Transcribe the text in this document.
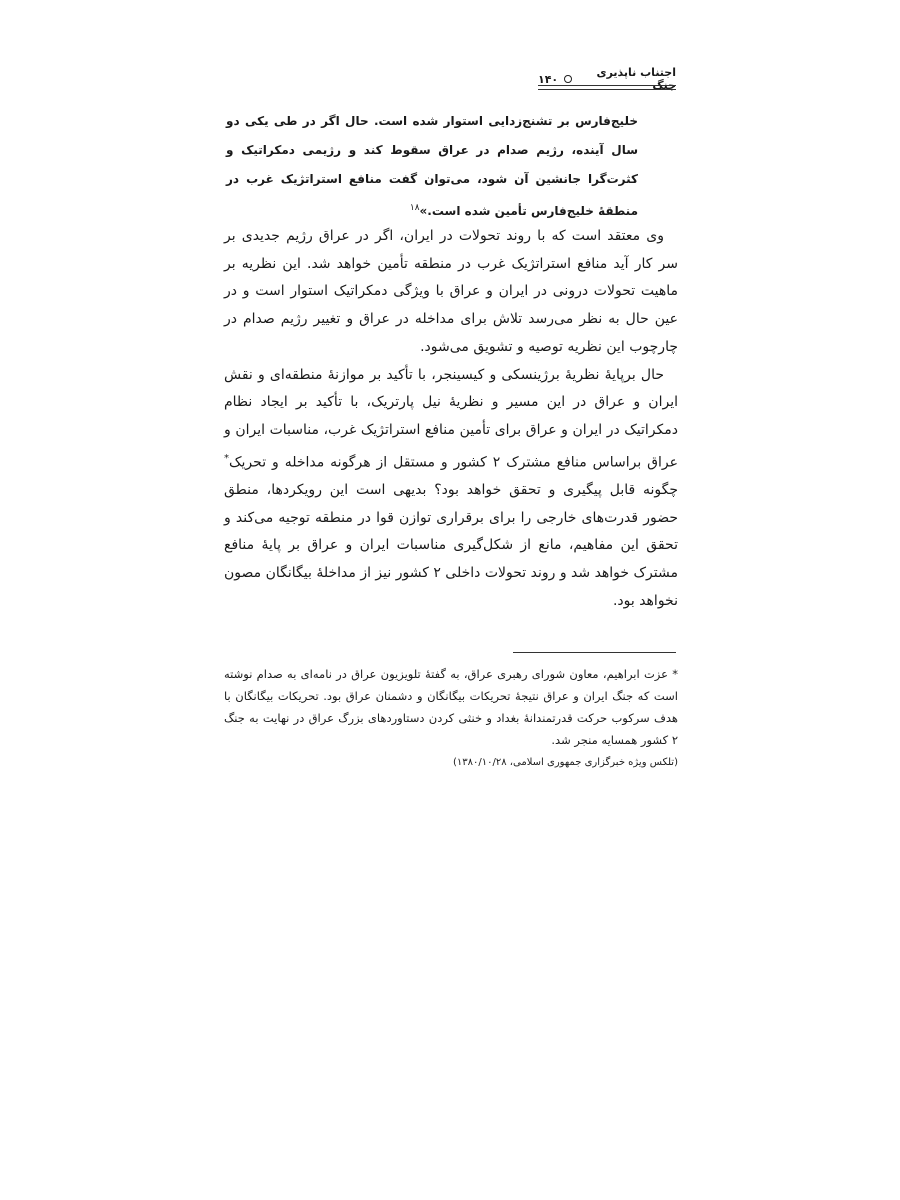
اجتناب ناپذیری جنگ
۱۴۰

خلیج‌فارس بر تشنج‌زدایی استوار شده است. حال اگر در طی یکی دو سال آینده، رژیم صدام در عراق سقوط کند و رژیمی دمکراتیک و کثرت‌گرا جانشین آن شود، می‌توان گفت منافع استراتژیک غرب در منطقهٔ خلیج‌فارس تأمین شده است.»$^{۱۸}$

وی معتقد است که با روند تحولات در ایران، اگر در عراق رژیم جدیدی بر سر کار آید منافع استراتژیک غرب در منطقه تأمین خواهد شد. این نظریه بر ماهیت تحولات درونی در ایران و عراق با ویژگی دمکراتیک استوار است و در عین حال به نظر می‌رسد تلاش برای مداخله در عراق و تغییر رژیم صدام در چارچوب این نظریه توصیه و تشویق می‌شود.

حال برپایهٔ نظریهٔ برژینسکی و کیسینجر، با تأکید بر موازنهٔ منطقه‌ای و نقش ایران و عراق در این مسیر و نظریهٔ نیل پارتریک، با تأکید بر ایجاد نظام دمکراتیک در ایران و عراق برای تأمین منافع استراتژیک غرب، مناسبات ایران و عراق براساس منافع مشترک ۲ کشور و مستقل از هرگونه مداخله و تحریک* چگونه قابل پیگیری و تحقق خواهد بود؟ بدیهی است این رویکردها، منطق حضور قدرت‌های خارجی را برای برقراری توازن قوا در منطقه توجیه می‌کند و تحقق این مفاهیم، مانع از شکل‌گیری مناسبات ایران و عراق بر پایهٔ منافع مشترک خواهد شد و روند تحولات داخلی ۲ کشور نیز از مداخلهٔ بیگانگان مصون نخواهد بود.

* عزت ابراهیم، معاون شورای رهبری عراق، به گفتهٔ تلویزیون عراق در نامه‌ای به صدام نوشته است که جنگ ایران و عراق نتیجهٔ تحریکات بیگانگان و دشمنان عراق بود. تحریکات بیگانگان با هدف سرکوب حرکت قدرتمندانهٔ بغداد و خنثی کردن دستاوردهای بزرگ عراق در نهایت به جنگ ۲ کشور همسایه منجر شد.

(تلکس ویژه خبرگزاری جمهوری اسلامی، ۱۳۸۰/۱۰/۲۸)
